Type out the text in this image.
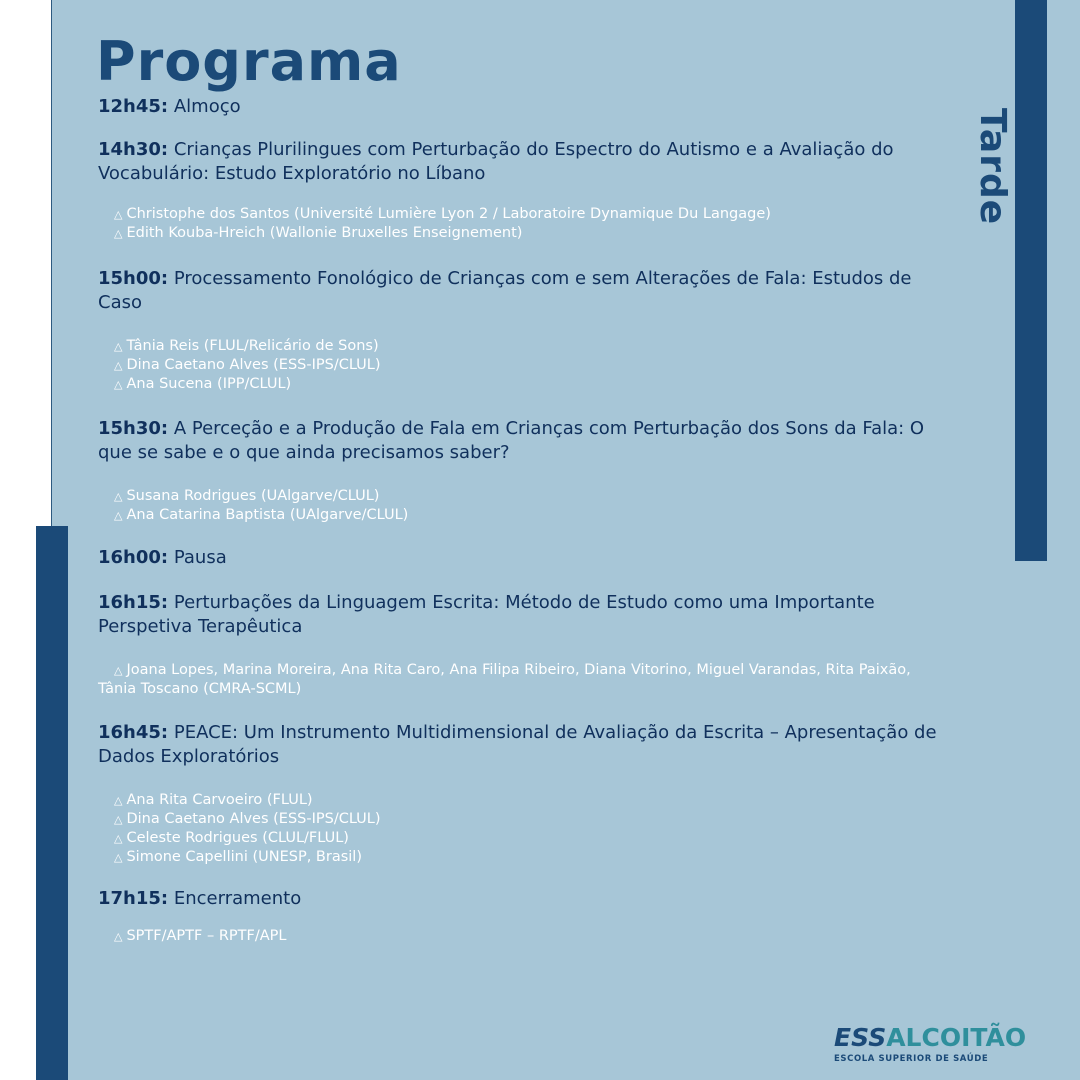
Tarde
Programa
12h45: Almoço
14h30: Crianças Plurilingues com Perturbação do Espectro do Autismo e a Avaliação do Vocabulário: Estudo Exploratório no Líbano
△ Christophe dos Santos (Université Lumière Lyon 2 / Laboratoire Dynamique Du Langage)
△ Edith Kouba-Hreich (Wallonie Bruxelles Enseignement)
15h00: Processamento Fonológico de Crianças com e sem Alterações de Fala: Estudos de Caso
△ Tânia Reis (FLUL/Relicário de Sons)
△ Dina Caetano Alves (ESS-IPS/CLUL)
△ Ana Sucena (IPP/CLUL)
15h30: A Perceção e a Produção de Fala em Crianças com Perturbação dos Sons da Fala: O que se sabe e o que ainda precisamos saber?
△ Susana Rodrigues (UAlgarve/CLUL)
△ Ana Catarina Baptista (UAlgarve/CLUL)
16h00: Pausa
16h15: Perturbações da Linguagem Escrita: Método de Estudo como uma Importante Perspetiva Terapêutica
△ Joana Lopes, Marina Moreira, Ana Rita Caro, Ana Filipa Ribeiro, Diana Vitorino, Miguel Varandas, Rita Paixão, Tânia Toscano (CMRA-SCML)
16h45: PEACE: Um Instrumento Multidimensional de Avaliação da Escrita – Apresentação de Dados Exploratórios
△ Ana Rita Carvoeiro (FLUL)
△ Dina Caetano Alves (ESS-IPS/CLUL)
△ Celeste Rodrigues (CLUL/FLUL)
△ Simone Capellini (UNESP, Brasil)
17h15: Encerramento
△ SPTF/APTF – RPTF/APL
ESSALCOITÃO
ESCOLA SUPERIOR DE SAÚDE
